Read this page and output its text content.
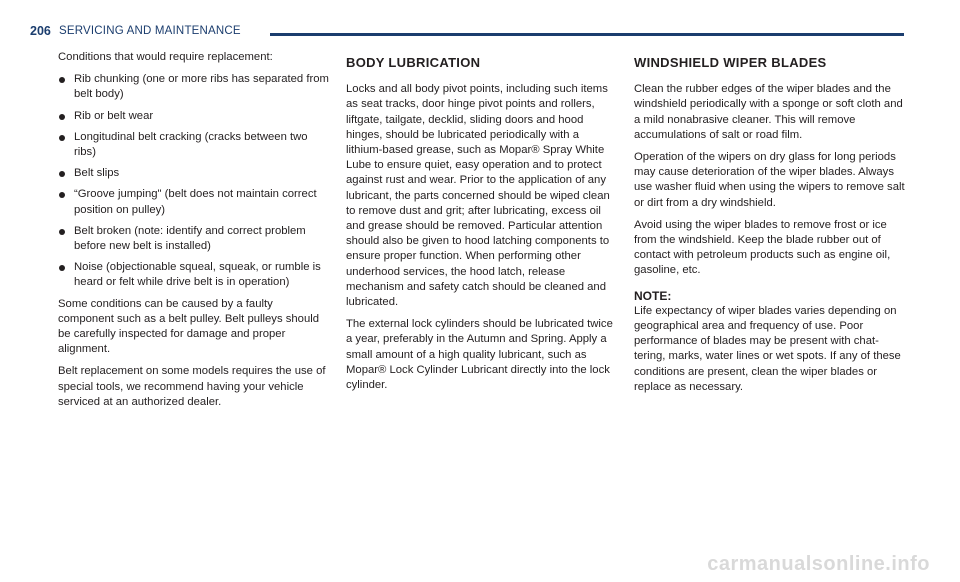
206 SERVICING AND MAINTENANCE

Conditions that would require replacement:

Rib chunking (one or more ribs has separated from belt body)
Rib or belt wear
Longitudinal belt cracking (cracks between two ribs)
Belt slips
“Groove jumping" (belt does not maintain correct position on pulley)
Belt broken (note: identify and correct problem before new belt is installed)
Noise (objectionable squeal, squeak, or rumble is heard or felt while drive belt is in operation)

Some conditions can be caused by a faulty component such as a belt pulley. Belt pulleys should be carefully inspected for damage and proper alignment.

Belt replacement on some models requires the use of special tools, we recommend having your vehicle serviced at an authorized dealer.

BODY LUBRICATION

Locks and all body pivot points, including such items as seat tracks, door hinge pivot points and rollers, liftgate, tailgate, decklid, sliding doors and hood hinges, should be lubricated periodically with a lithium-based grease, such as Mopar® Spray White Lube to ensure quiet, easy operation and to protect against rust and wear. Prior to the application of any lubricant, the parts concerned should be wiped clean to remove dust and grit; after lubricating, excess oil and grease should be removed. Particular attention should also be given to hood latching components to ensure proper function. When performing other underhood services, the hood latch, release mechanism and safety catch should be cleaned and lubricated.

The external lock cylinders should be lubricated twice a year, preferably in the Autumn and Spring. Apply a small amount of a high quality lubricant, such as Mopar® Lock Cylinder Lubricant directly into the lock cylinder.

WINDSHIELD WIPER BLADES

Clean the rubber edges of the wiper blades and the windshield periodically with a sponge or soft cloth and a mild nonabrasive cleaner. This will remove accumulations of salt or road film.

Operation of the wipers on dry glass for long periods may cause deterioration of the wiper blades. Always use washer fluid when using the wipers to remove salt or dirt from a dry windshield.

Avoid using the wiper blades to remove frost or ice from the windshield. Keep the blade rubber out of contact with petroleum products such as engine oil, gasoline, etc.

NOTE:

Life expectancy of wiper blades varies depending on geographical area and frequency of use. Poor performance of blades may be present with chat-tering, marks, water lines or wet spots. If any of these conditions are present, clean the wiper blades or replace as necessary.

carmanualsonline.info
